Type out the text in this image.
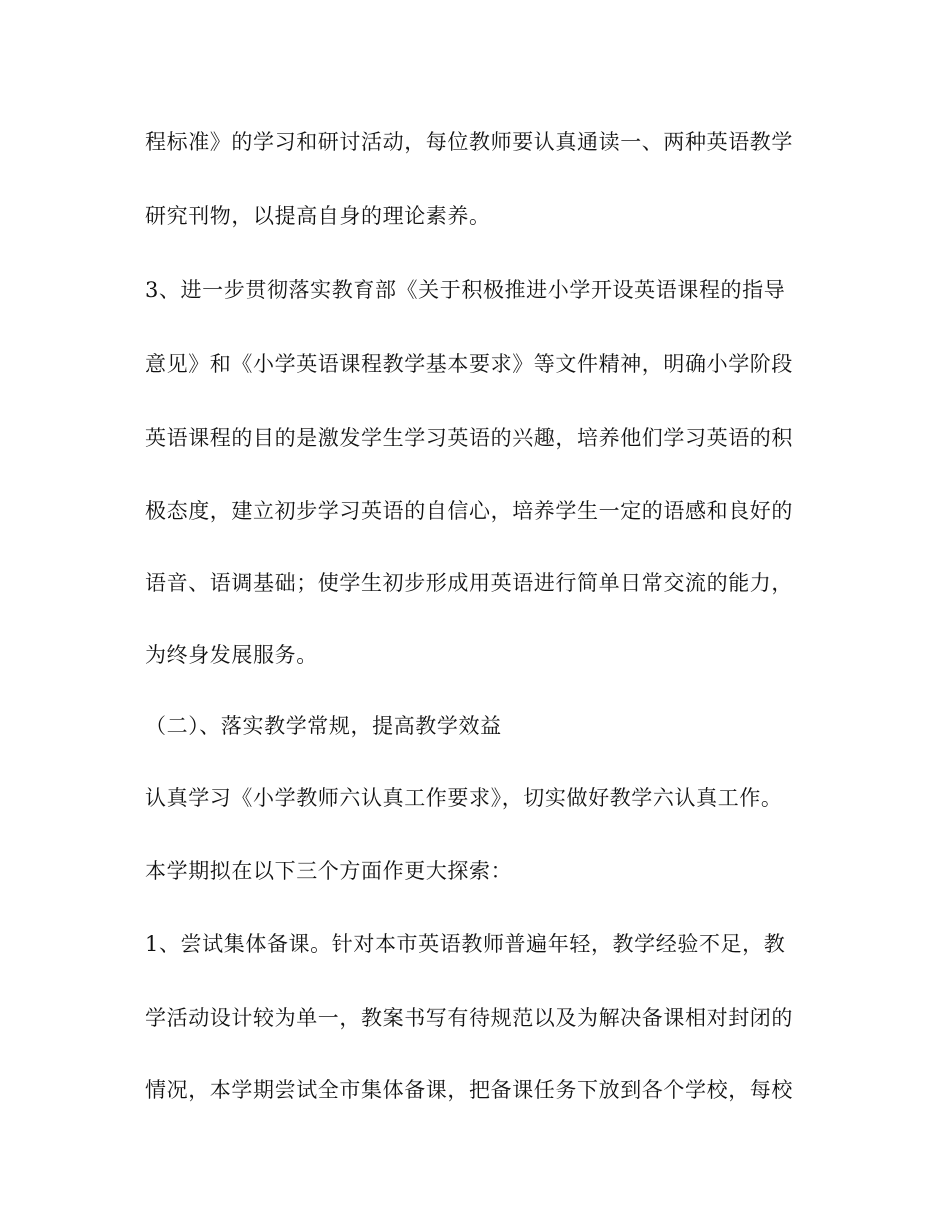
程标准》的学习和研讨活动，每位教师要认真通读一、两种英语教学
研究刊物，以提高自身的理论素养。
3、进一步贯彻落实教育部《关于积极推进小学开设英语课程的指导
意见》和《小学英语课程教学基本要求》等文件精神，明确小学阶段
英语课程的目的是激发学生学习英语的兴趣，培养他们学习英语的积
极态度，建立初步学习英语的自信心，培养学生一定的语感和良好的
语音、语调基础；使学生初步形成用英语进行简单日常交流的能力，
为终身发展服务。
（二）、落实教学常规，提高教学效益
认真学习《小学教师六认真工作要求》，切实做好教学六认真工作。
本学期拟在以下三个方面作更大探索：
1、尝试集体备课。针对本市英语教师普遍年轻，教学经验不足，教
学活动设计较为单一，教案书写有待规范以及为解决备课相对封闭的
情况，本学期尝试全市集体备课，把备课任务下放到各个学校，每校
